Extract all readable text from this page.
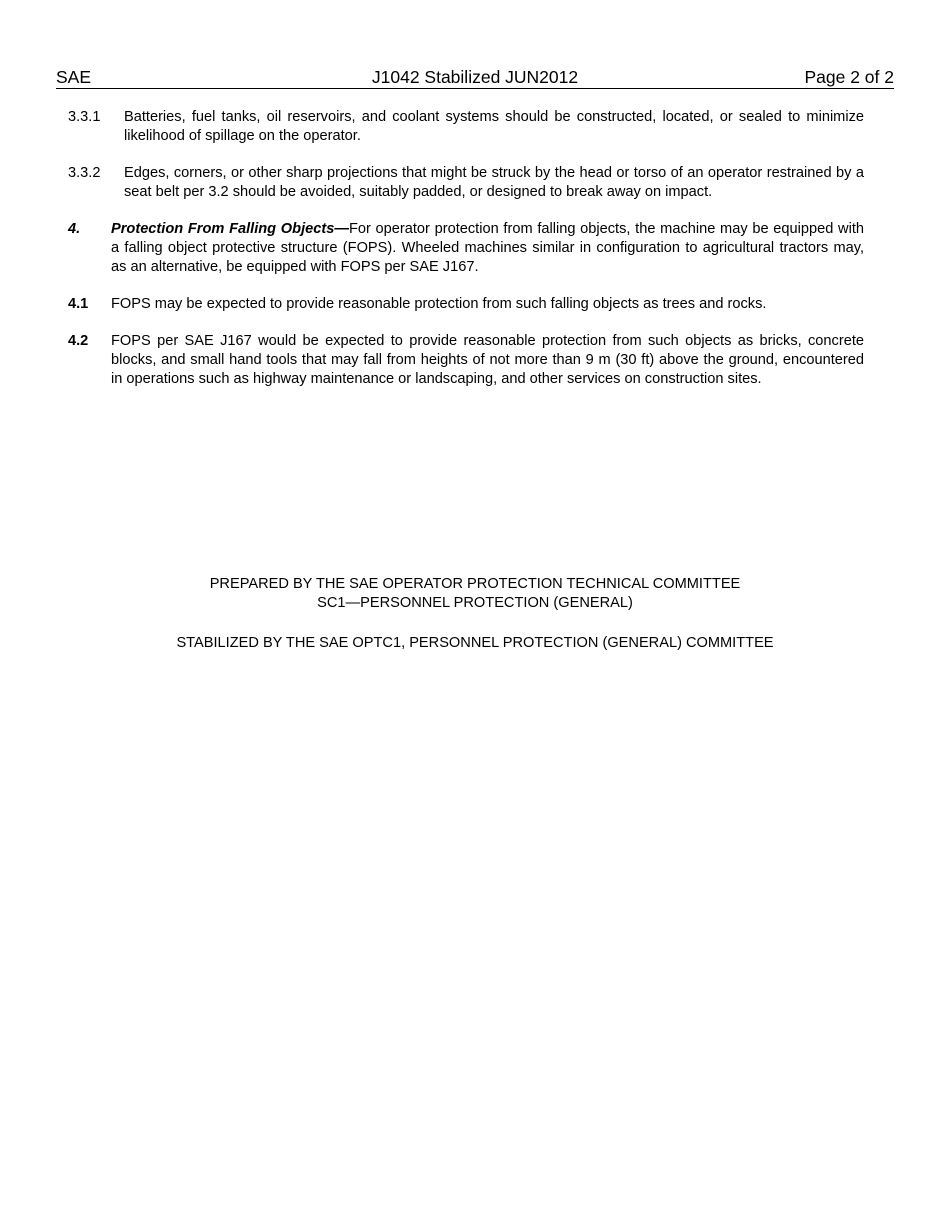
SAE	J1042 Stabilized JUN2012	Page 2 of 2
3.3.1 Batteries, fuel tanks, oil reservoirs, and coolant systems should be constructed, located, or sealed to minimize likelihood of spillage on the operator.
3.3.2 Edges, corners, or other sharp projections that might be struck by the head or torso of an operator restrained by a seat belt per 3.2 should be avoided, suitably padded, or designed to break away on impact.
4. Protection From Falling Objects—For operator protection from falling objects, the machine may be equipped with a falling object protective structure (FOPS). Wheeled machines similar in configuration to agricultural tractors may, as an alternative, be equipped with FOPS per SAE J167.
4.1 FOPS may be expected to provide reasonable protection from such falling objects as trees and rocks.
4.2 FOPS per SAE J167 would be expected to provide reasonable protection from such objects as bricks, concrete blocks, and small hand tools that may fall from heights of not more than 9 m (30 ft) above the ground, encountered in operations such as highway maintenance or landscaping, and other services on construction sites.
PREPARED BY THE SAE OPERATOR PROTECTION TECHNICAL COMMITTEE
SC1—PERSONNEL PROTECTION (GENERAL)
STABILIZED BY THE SAE OPTC1, PERSONNEL PROTECTION (GENERAL) COMMITTEE
